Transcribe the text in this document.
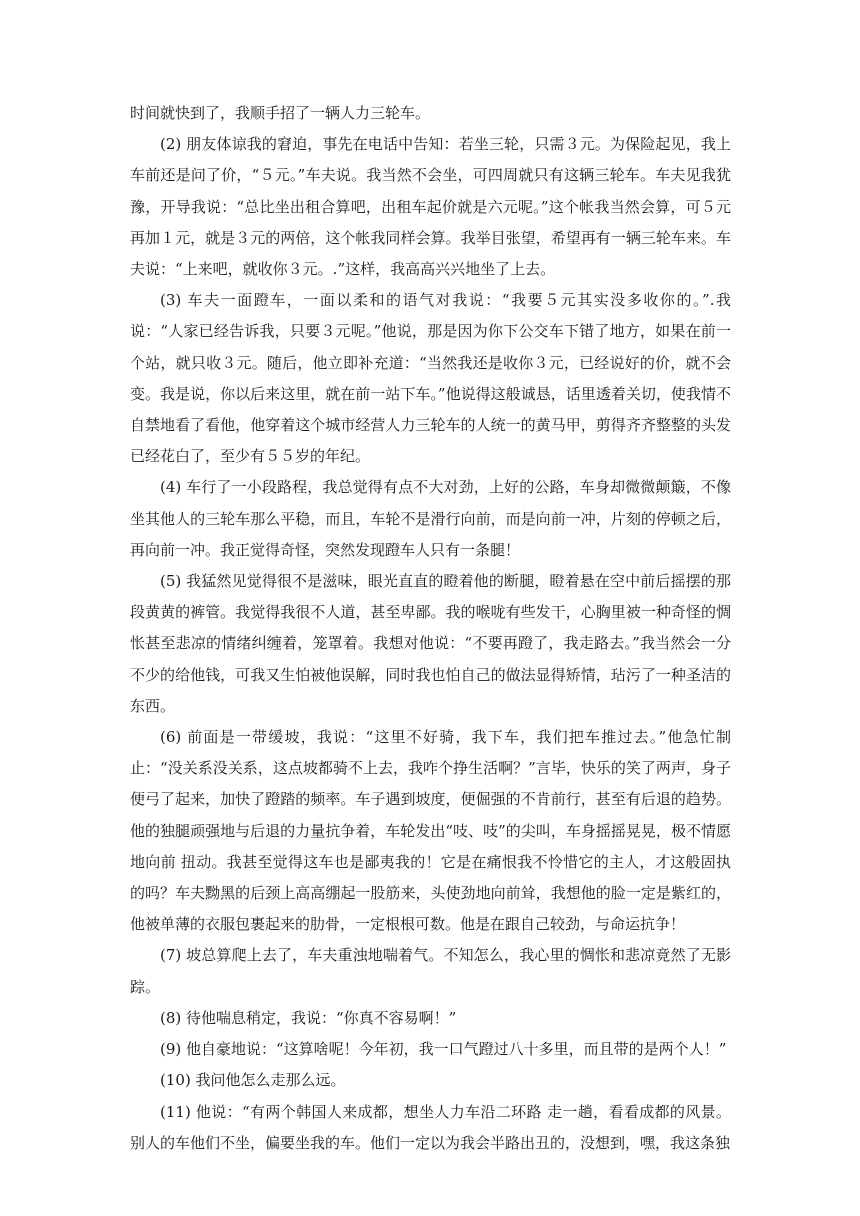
时间就快到了，我顺手招了一辆人力三轮车。

(2) 朋友体谅我的窘迫，事先在电话中告知：若坐三轮，只需３元。为保险起见，我上车前还是问了价，“５元。”车夫说。我当然不会坐，可四周就只有这辆三轮车。车夫见我犹豫，开导我说：“总比坐出租合算吧，出租车起价就是六元呢。”这个帐我当然会算，可５元再加１元，就是３元的两倍，这个帐我同样会算。我举目张望，希望再有一辆三轮车来。车夫说：“上来吧，就收你３元。.”这样，我高高兴兴地坐了上去。

(3) 车夫一面蹬车，一面以柔和的语气对我说：“我要５元其实没多收你的。”.我说：“人家已经告诉我，只要３元呢。”他说，那是因为你下公交车下错了地方，如果在前一个站，就只收３元。随后，他立即补充道：“当然我还是收你３元，已经说好的价，就不会变。我是说，你以后来这里，就在前一站下车。”他说得这般诚恳，话里透着关切，使我情不自禁地看了看他，他穿着这个城市经营人力三轮车的人统一的黄马甲，剪得齐齐整整的头发已经花白了，至少有５５岁的年纪。

(4) 车行了一小段路程，我总觉得有点不大对劲，上好的公路，车身却微微颠簸，不像坐其他人的三轮车那么平稳，而且，车轮不是滑行向前，而是向前一冲，片刻的停顿之后，再向前一冲。我正觉得奇怪，突然发现蹬车人只有一条腿！

(5) 我猛然见觉得很不是滋味，眼光直直的瞪着他的断腿，瞪着悬在空中前后摇摆的那段黄黄的裤管。我觉得我很不人道，甚至卑鄙。我的喉咙有些发干，心胸里被一种奇怪的惆怅甚至悲凉的情绪纠缠着，笼罩着。我想对他说：“不要再蹬了，我走路去。”我当然会一分不少的给他钱，可我又生怕被他误解，同时我也怕自己的做法显得矫情，玷污了一种圣洁的东西。

(6) 前面是一带缓坡，我说：“这里不好骑，我下车，我们把车推过去。”他急忙制止：“没关系没关系，这点坡都骑不上去，我咋个挣生活啊？”言毕，快乐的笑了两声，身子便弓了起来，加快了蹬踏的频率。车子遇到坡度，便倔强的不肯前行，甚至有后退的趋势。他的独腿顽强地与后退的力量抗争着，车轮发出“吱、吱”的尖叫，车身摇摇晃晃，极不情愿地向前 扭动。我甚至觉得这车也是鄙夷我的！它是在痛恨我不怜惜它的主人，才这般固执的吗？车夫黝黑的后颈上高高绷起一股筋来，头使劲地向前耸，我想他的脸一定是紫红的，他被单薄的衣服包裹起来的肋骨，一定根根可数。他是在跟自己较劲，与命运抗争！

(7) 坡总算爬上去了，车夫重浊地喘着气。不知怎么，我心里的惆怅和悲凉竟然了无影踪。

(8) 待他喘息稍定，我说：“你真不容易啊！”

(9) 他自豪地说：“这算啥呢！今年初，我一口气蹬过八十多里，而且带的是两个人！”

(10) 我问他怎么走那么远。

(11) 他说：“有两个韩国人来成都，想坐人力车沿二环路 走一趟，看看成都的风景。别人的车他们不坐，偏要坐我的车。他们一定以为我会半路出丑的，没想到，嘿，我这条独
